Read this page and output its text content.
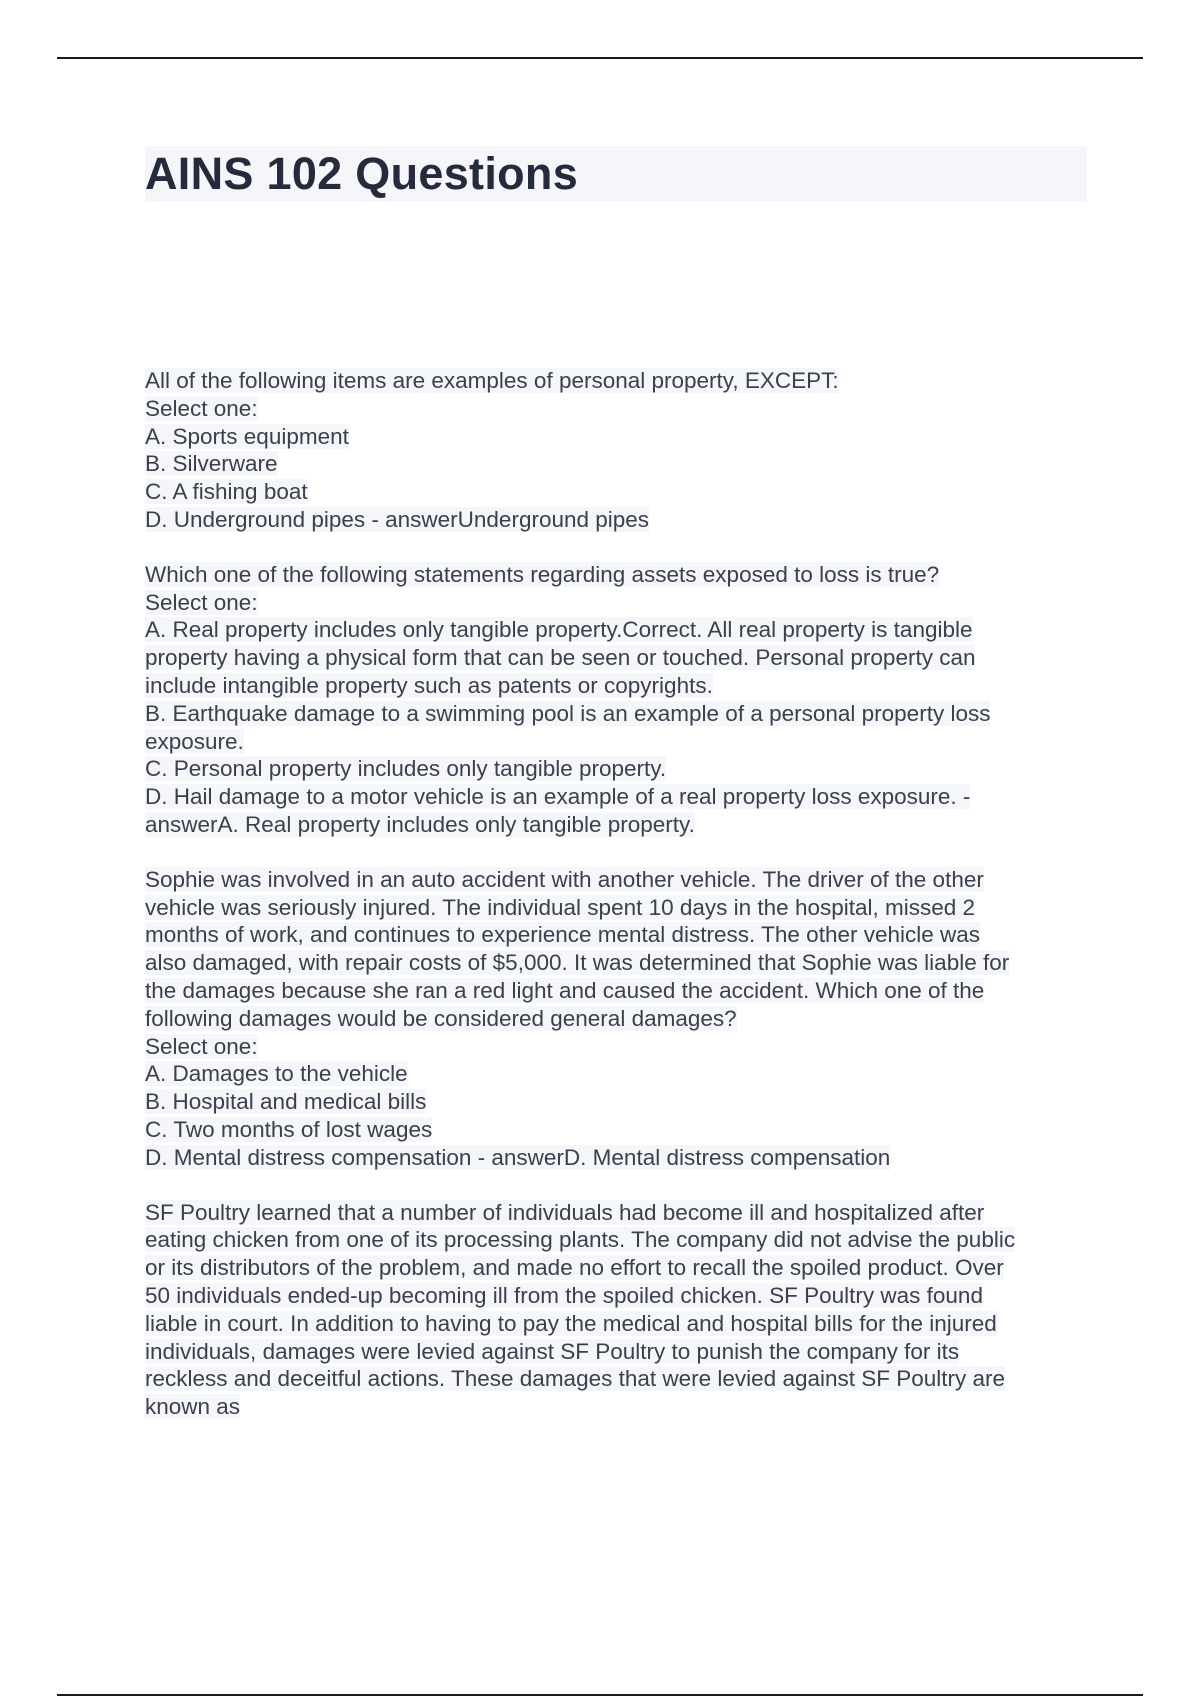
AINS 102 Questions
All of the following items are examples of personal property, EXCEPT:
Select one:
A. Sports equipment
B. Silverware
C. A fishing boat
D. Underground pipes - answerUnderground pipes
Which one of the following statements regarding assets exposed to loss is true?
Select one:
A. Real property includes only tangible property.Correct. All real property is tangible
property having a physical form that can be seen or touched. Personal property can
include intangible property such as patents or copyrights.
B. Earthquake damage to a swimming pool is an example of a personal property loss
exposure.
C. Personal property includes only tangible property.
D. Hail damage to a motor vehicle is an example of a real property loss exposure. -
answerA. Real property includes only tangible property.
Sophie was involved in an auto accident with another vehicle. The driver of the other
vehicle was seriously injured. The individual spent 10 days in the hospital, missed 2
months of work, and continues to experience mental distress. The other vehicle was
also damaged, with repair costs of $5,000. It was determined that Sophie was liable for
the damages because she ran a red light and caused the accident. Which one of the
following damages would be considered general damages?
Select one:
A. Damages to the vehicle
B. Hospital and medical bills
C. Two months of lost wages
D. Mental distress compensation - answerD. Mental distress compensation
SF Poultry learned that a number of individuals had become ill and hospitalized after
eating chicken from one of its processing plants. The company did not advise the public
or its distributors of the problem, and made no effort to recall the spoiled product. Over
50 individuals ended-up becoming ill from the spoiled chicken. SF Poultry was found
liable in court. In addition to having to pay the medical and hospital bills for the injured
individuals, damages were levied against SF Poultry to punish the company for its
reckless and deceitful actions. These damages that were levied against SF Poultry are
known as
